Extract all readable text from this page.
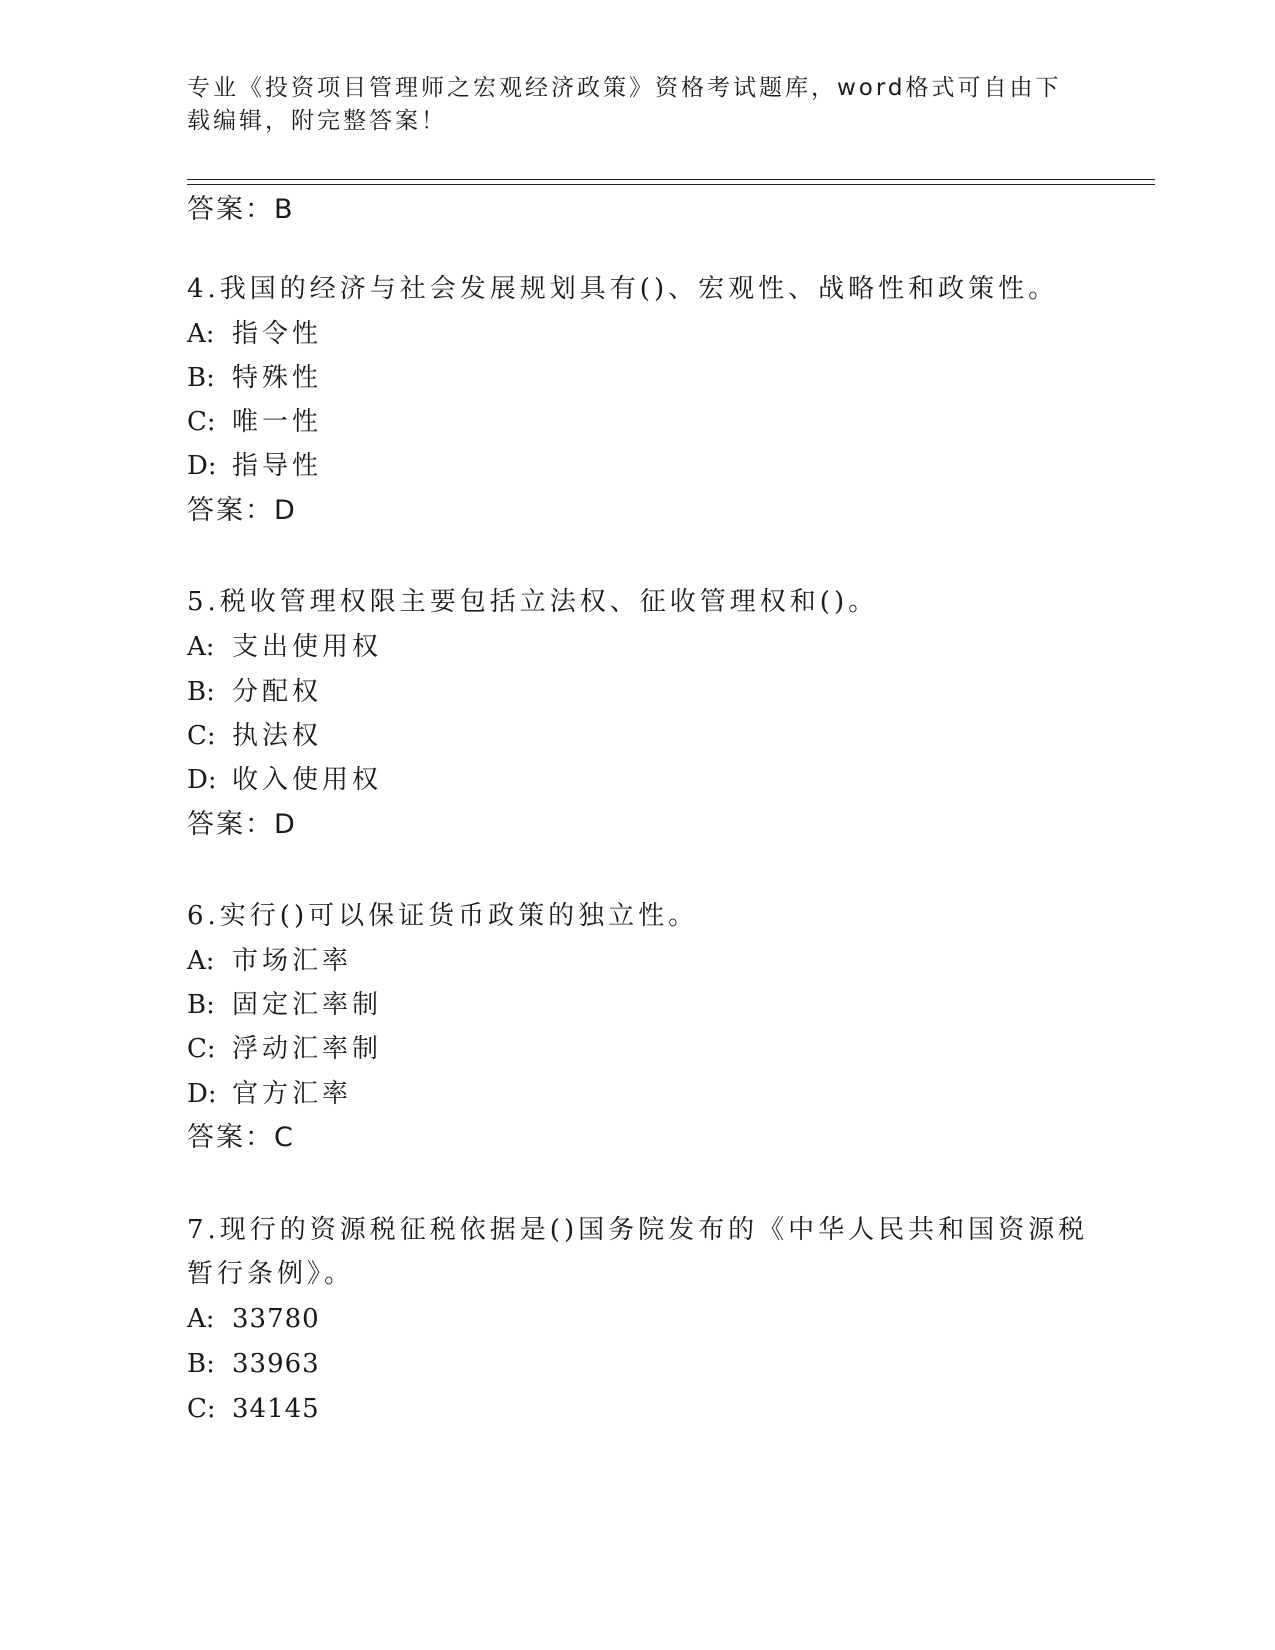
专业《投资项目管理师之宏观经济政策》资格考试题库，word格式可自由下载编辑，附完整答案！
答案：B
4.我国的经济与社会发展规划具有()、宏观性、战略性和政策性。
A: 指令性
B: 特殊性
C: 唯一性
D: 指导性
答案：D
5.税收管理权限主要包括立法权、征收管理权和()。
A: 支出使用权
B: 分配权
C: 执法权
D: 收入使用权
答案：D
6.实行()可以保证货币政策的独立性。
A: 市场汇率
B: 固定汇率制
C: 浮动汇率制
D: 官方汇率
答案：C
7.现行的资源税征税依据是()国务院发布的《中华人民共和国资源税
暂行条例》。
A: 33780
B: 33963
C: 34145
